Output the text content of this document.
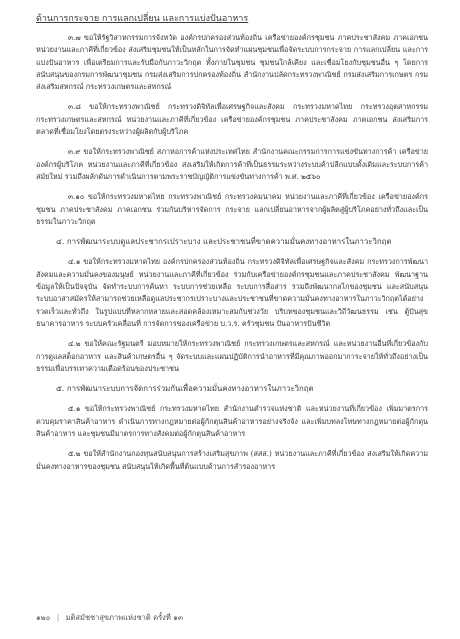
ด้านการกระจาย การแลกเปลี่ยน และการแบ่งปันอาหาร

๓.๗ ขอให้รัฐวิสาหกรรมการจังหวัด องค์กรปกครองส่วนท้องถิ่น เครือข่ายองค์กรชุมชน ภาคประชาสังคม ภาคเอกชน หน่วยงานและภาคีที่เกี่ยวข้อง ส่งเสริมชุมชนให้เป็นหลักในการจัดทำแผนชุมชนเพื่อจัดระบบการกระจาย การแลกเปลี่ยน และการแบ่งปันอาหาร เพื่อเตรียมการและรับมือกับภาวะวิกฤต ทั้งภายในชุมชน ชุมชนใกล้เคียง และเชื่อมโยงกับชุมชนอื่น ๆ โดยการสนับสนุนของกรมการพัฒนาชุมชน กรมส่งเสริมการปกครองท้องถิ่น สำนักงานปลัดกระทรวงพาณิชย์ กรมส่งเสริมการเกษตร กรมส่งเสริมสหกรณ์ กระทรวงเกษตรและสหกรณ์

๓.๘ ขอให้กระทรวงพาณิชย์ กระทรวงดิจิทัลเพื่อเศรษฐกิจและสังคม กระทรวงมหาดไทย กระทรวงอุตสาหกรรม กระทรวงเกษตรและสหกรณ์ หน่วยงานและภาคีที่เกี่ยวข้อง เครือข่ายองค์กรชุมชน ภาคประชาสังคม ภาคเอกชน ส่งเสริมการตลาดที่เชื่อมโยงโดยตรงระหว่างผู้ผลิตกับผู้บริโภค

๓.๙ ขอให้กระทรวงพาณิชย์ สภาหอการค้าแห่งประเทศไทย สำนักงานคณะกรรมการการแข่งขันทางการค้า เครือข่ายองค์กรผู้บริโภค หน่วยงานและภาคีที่เกี่ยวข้อง ส่งเสริมให้เกิดการค้าที่เป็นธรรมระหว่างระบบค้าปลีกแบบดั้งเดิมและระบบการค้าสมัยใหม่ รวมถึงผลักดันการดำเนินการตามพระราชบัญญัติการแข่งขันทางการค้า พ.ศ. ๒๕๖๐

๓.๑๐ ขอให้กระทรวงมหาดไทย กระทรวงพาณิชย์ กระทรวงคมนาคม หน่วยงานและภาคีที่เกี่ยวข้อง เครือข่ายองค์กรชุมชน ภาคประชาสังคม ภาคเอกชน ร่วมกันบริหารจัดการ กระจาย แลกเปลี่ยนอาหารจากผู้ผลิตสู่ผู้บริโภคอย่างทั่วถึงและเป็นธรรมในภาวะวิกฤต

๔. การพัฒนาระบบดูแลประชากรเปราะบาง และประชาชนที่ขาดความมั่นคงทางอาหารในภาวะวิกฤต

๔.๑ ขอให้กระทรวงมหาดไทย องค์กรปกครองส่วนท้องถิ่น กระทรวงดิจิทัลเพื่อเศรษฐกิจและสังคม กระทรวงการพัฒนาสังคมและความมั่นคงของมนุษย์ หน่วยงานและภาคีที่เกี่ยวข้อง ร่วมกับเครือข่ายองค์กรชุมชนและภาคประชาสังคม พัฒนาฐานข้อมูลให้เป็นปัจจุบัน จัดทำระบบการค้นหา ระบบการช่วยเหลือ ระบบการสื่อสาร รวมถึงพัฒนากลไกของชุมชน และสนับสนุนระบบอาสาสมัครให้สามารถช่วยเหลือดูแลประชากรเปราะบางและประชาชนที่ขาดความมั่นคงทางอาหารในภาวะวิกฤตได้อย่างรวดเร็วและทั่วถึง ในรูปแบบที่หลากหลายและสอดคล้องเหมาะสมกับช่วงวัย บริบทของชุมชนและวิถีวัฒนธรรม เช่น ตู้ปันสุข ธนาคารอาหาร ระบบครัวเคลื่อนที่ การจัดการของเครือข่าย บ.ว.ร. ครัวชุมชน ปันอาหารปันชีวิต

๔.๒ ขอให้คณะรัฐมนตรี มอบหมายให้กระทรวงพาณิชย์ กระทรวงเกษตรและสหกรณ์ และหน่วยงานอื่นที่เกี่ยวข้องกับการดูแลสต็อกอาหาร และสินค้าเกษตรอื่น ๆ จัดระบบและแผนปฏิบัติการนำอาหารที่มีคุณภาพออกมาการะจายให้ทั่วถึงอย่างเป็นธรรมเพื่อบรรเทาความเดือดร้อนของประชาชน

๕. การพัฒนาระบบการจัดการร่วมกันเพื่อความมั่นคงทางอาหารในภาวะวิกฤต

๕.๑ ขอให้กระทรวงพาณิชย์ กระทรวงมหาดไทย สำนักงานตำรวจแห่งชาติ และหน่วยงานที่เกี่ยวข้อง เพิ่มมาตรการควบคุมราคาสินค้าอาหาร ดำเนินการทางกฎหมายต่อผู้กักตุนสินค้าอาหารอย่างจริงจัง และเพิ่มบทลงโทษทางกฎหมายต่อผู้กักตุนสินค้าอาหาร และชุมชนมีมาตรการทางสังคมต่อผู้กักตุนสินค้าอาหาร

๕.๒ ขอให้สำนักงานกองทุนสนับสนุนการสร้างเสริมสุขภาพ (สสส.) หน่วยงานและภาคีที่เกี่ยวข้อง ส่งเสริมให้เกิดความมั่นคงทางอาหารของชุมชน สนับสนุนให้เกิดพื้นที่ต้นแบบด้านการสำรองอาหาร

๑๒๐ | มติสมัชชาสุขภาพแห่งชาติ ครั้งที่ ๑๓
